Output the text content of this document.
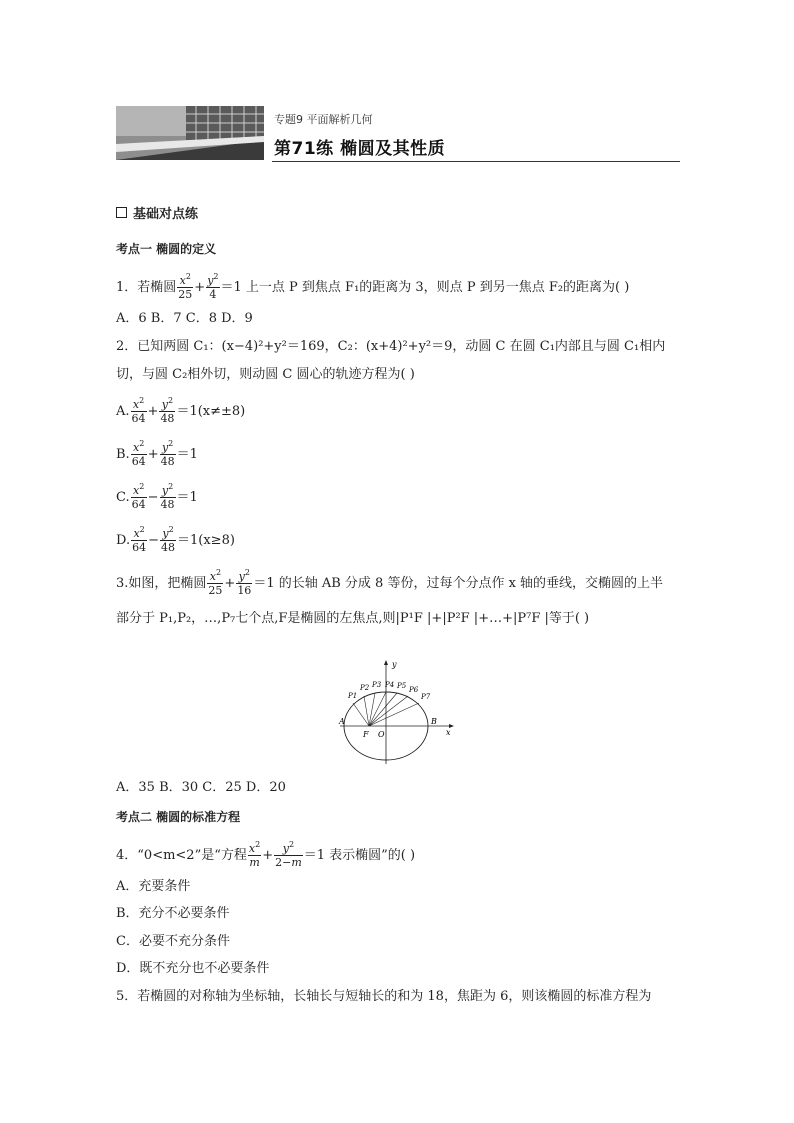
专题9 平面解析几何
第71练 椭圆及其性质
基础对点练
考点一 椭圆的定义
1．若椭圆 $\frac{x^2}{25} + \frac{y^2}{4} =1$ 上一点 P 到焦点 F₁的距离为 3，则点 P 到另一焦点 F₂的距离为( )
A．6 B．7 C．8 D．9
2．已知两圆 C₁：(x−4)²+y²＝169，C₂：(x+4)²+y²＝9，动圆 C 在圆 C₁内部且与圆 C₁相内
切，与圆 C₂相外切，则动圆 C 圆心的轨迹方程为( )
A. $\frac{x^2}{64} + \frac{y^2}{48} =1(x\ne\pm 8)$
B. $\frac{x^2}{64} + \frac{y^2}{48} =1$
C. $\frac{x^2}{64} - \frac{y^2}{48} =1$
D. $\frac{x^2}{64} - \frac{y^2}{48} =1(x\ge 8)$
3.如图，把椭圆 $\frac{x^2}{25} + \frac{y^2}{16} =1$ 的长轴 AB 分成 8 等份，过每个分点作 x 轴的垂线，交椭圆的上半
部分于 P₁,P₂，…,P₇七个点,F是椭圆的左焦点,则|P¹F |+|P²F |+…+|P⁷F |等于( )
y
x
A	B
F O
P1
P2 P3 P4 P5 P6
P7
A．35 B．30 C．25 D．20
考点二 椭圆的标准方程
4．“0<m<2”是“方程 $\frac{x^2}{m} + \frac{y^2}{2-m} =1$ 表示椭圆”的( )
A．充要条件
B．充分不必要条件
C．必要不充分条件
D．既不充分也不必要条件
5．若椭圆的对称轴为坐标轴，长轴长与短轴长的和为 18，焦距为 6，则该椭圆的标准方程为
